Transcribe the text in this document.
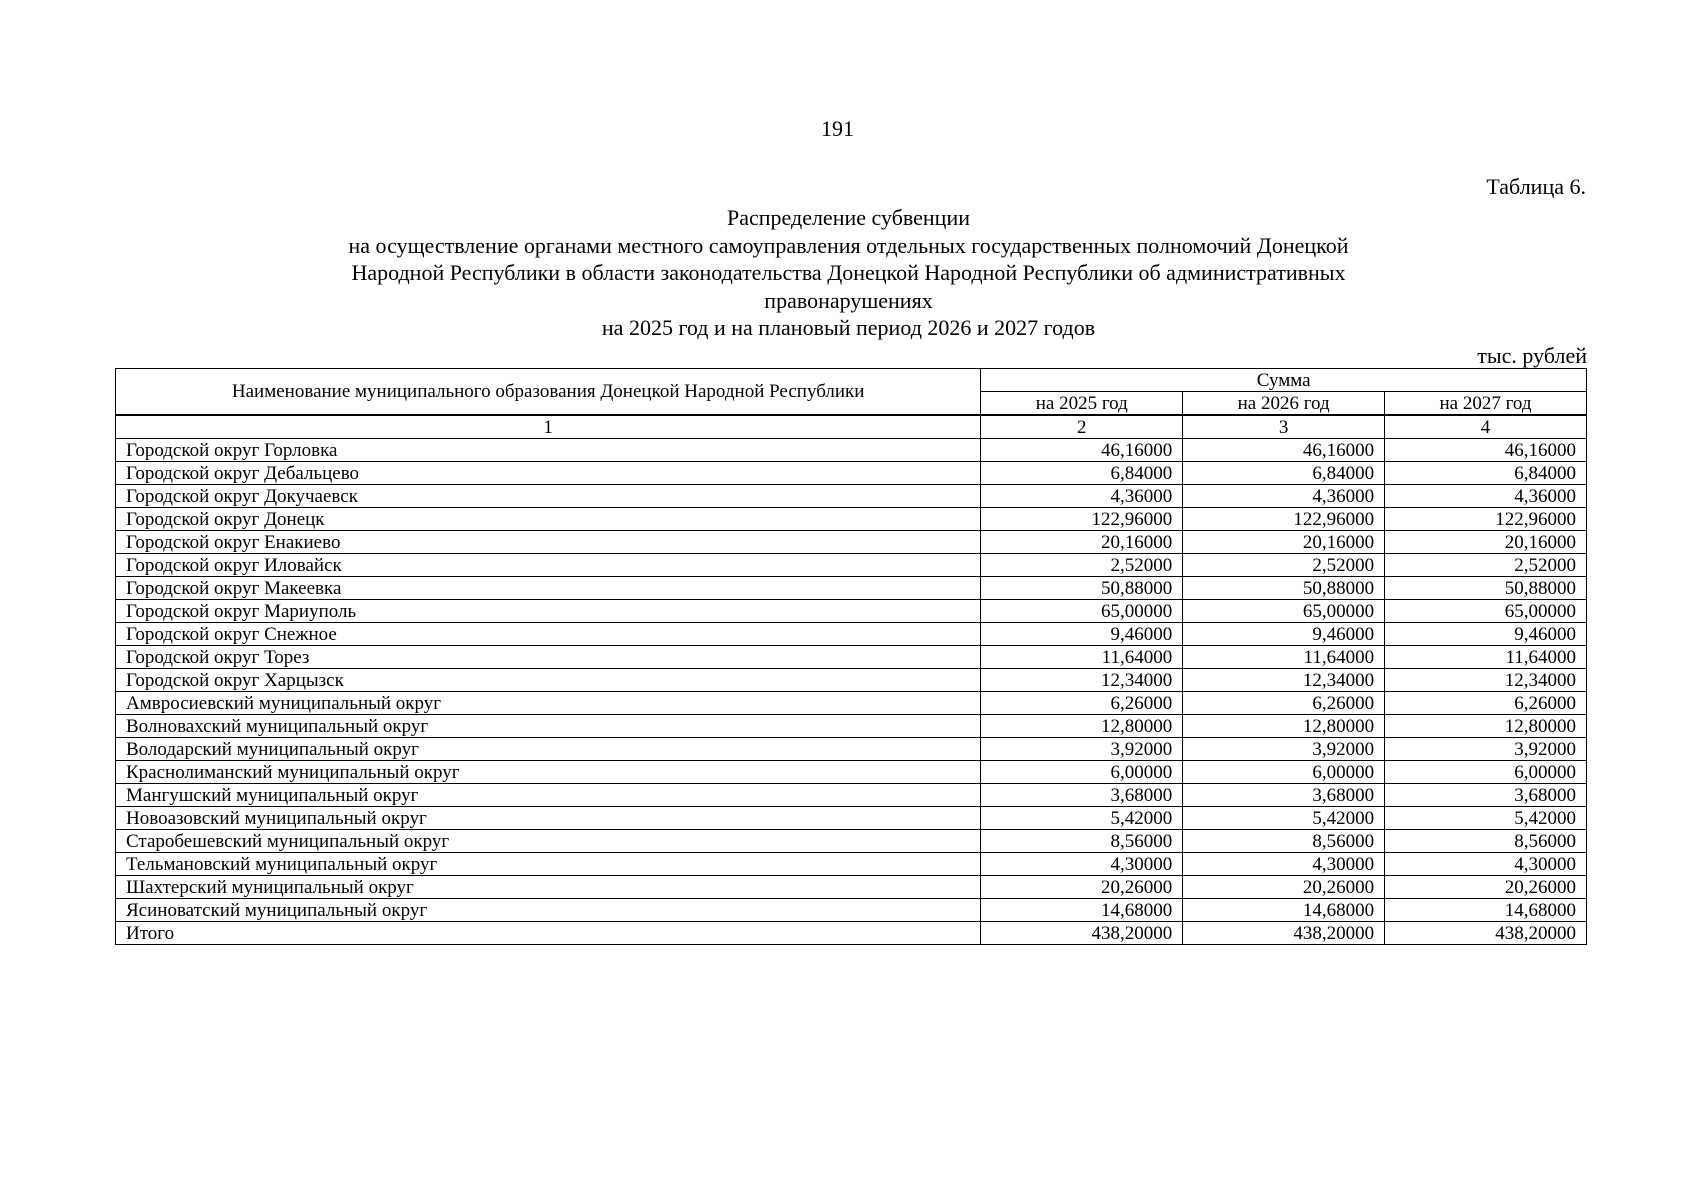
191
Таблица 6.
Распределение субвенции
на осуществление органами местного самоуправления отдельных государственных полномочий Донецкой
Народной Республики в области законодательства Донецкой Народной Республики об административных
правонарушениях
на 2025 год и на плановый период 2026 и 2027 годов
тыс. рублей
Наименование муниципального образования Донецкой Народной Республики	Сумма		
	на 2025 год	на 2026 год	на 2027 год
1	2	3	4
Городской округ Горловка	46,16000	46,16000	46,16000
Городской округ Дебальцево	6,84000	6,84000	6,84000
Городской округ Докучаевск	4,36000	4,36000	4,36000
Городской округ Донецк	122,96000	122,96000	122,96000
Городской округ Енакиево	20,16000	20,16000	20,16000
Городской округ Иловайск	2,52000	2,52000	2,52000
Городской округ Макеевка	50,88000	50,88000	50,88000
Городской округ Мариуполь	65,00000	65,00000	65,00000
Городской округ Снежное	9,46000	9,46000	9,46000
Городской округ Торез	11,64000	11,64000	11,64000
Городской округ Харцызск	12,34000	12,34000	12,34000
Амвросиевский муниципальный округ	6,26000	6,26000	6,26000
Волновахский муниципальный округ	12,80000	12,80000	12,80000
Володарский муниципальный округ	3,92000	3,92000	3,92000
Краснолиманский муниципальный округ	6,00000	6,00000	6,00000
Мангушский муниципальный округ	3,68000	3,68000	3,68000
Новоазовский муниципальный округ	5,42000	5,42000	5,42000
Старобешевский муниципальный округ	8,56000	8,56000	8,56000
Тельмановский муниципальный округ	4,30000	4,30000	4,30000
Шахтерский муниципальный округ	20,26000	20,26000	20,26000
Ясиноватский муниципальный округ	14,68000	14,68000	14,68000
Итого	438,20000	438,20000	438,20000
